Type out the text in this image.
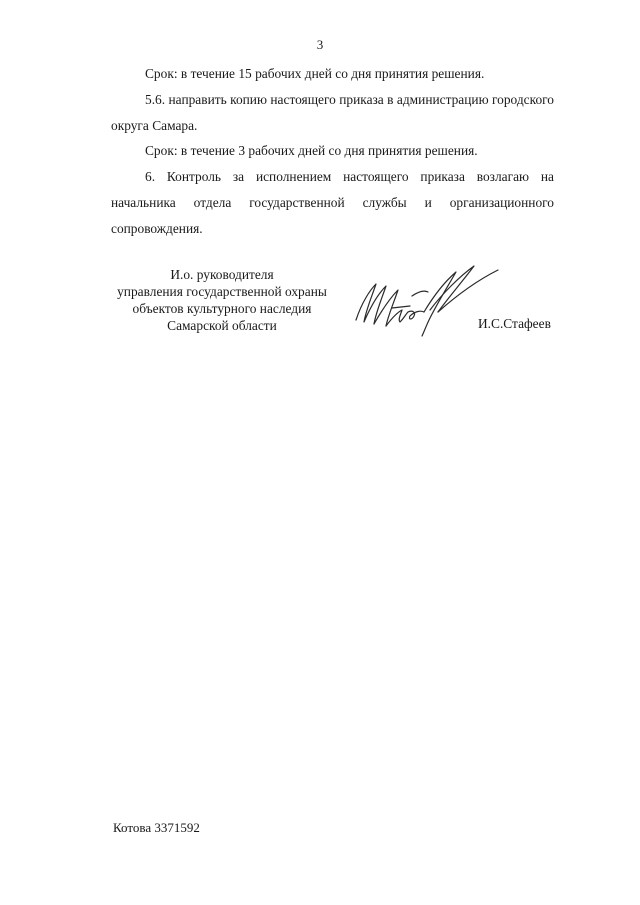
3

Срок: в течение 15 рабочих дней со дня принятия решения.

5.6. направить копию настоящего приказа в администрацию городского округа Самара.

Срок: в течение 3 рабочих дней со дня принятия решения.

6. Контроль за исполнением настоящего приказа возлагаю на начальника отдела государственной службы и организационного сопровождения.

И.о. руководителя
управления государственной охраны
объектов культурного наследия
Самарской области	И.С.Стафеев
Котова 3371592
